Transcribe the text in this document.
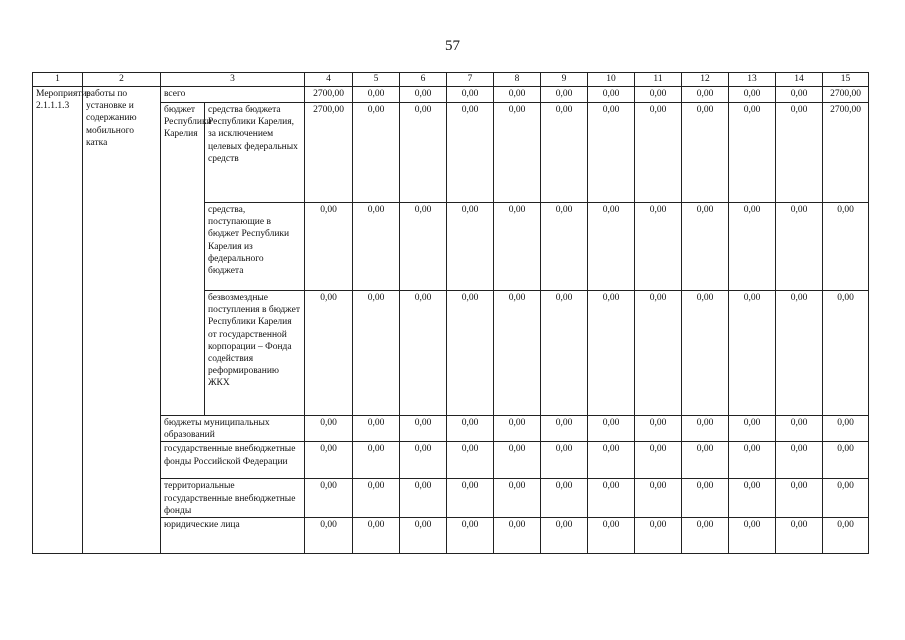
57
1	2	3		4	5	6	7	8	9	10	11	12	13	14	15
Мероприятие 2.1.1.1.3	работы по установке и содержанию мобильного катка	всего		2700,00	0,00	0,00	0,00	0,00	0,00	0,00	0,00	0,00	0,00	0,00	2700,00
		бюджет Республики Карелия	средства бюджета Республики Карелия, за исключением целевых федеральных средств	2700,00	0,00	0,00	0,00	0,00	0,00	0,00	0,00	0,00	0,00	0,00	2700,00
			средства, поступающие в бюджет Республики Карелия из федерального бюджета	0,00	0,00	0,00	0,00	0,00	0,00	0,00	0,00	0,00	0,00	0,00	0,00
			безвозмездные поступления в бюджет Республики Карелия от государственной корпорации – Фонда содействия реформированию ЖКХ	0,00	0,00	0,00	0,00	0,00	0,00	0,00	0,00	0,00	0,00	0,00	0,00
		бюджеты муниципальных образований		0,00	0,00	0,00	0,00	0,00	0,00	0,00	0,00	0,00	0,00	0,00	0,00
		государственные внебюджетные фонды Российской Федерации		0,00	0,00	0,00	0,00	0,00	0,00	0,00	0,00	0,00	0,00	0,00	0,00
		территориальные государственные внебюджетные фонды		0,00	0,00	0,00	0,00	0,00	0,00	0,00	0,00	0,00	0,00	0,00	0,00
		юридические лица		0,00	0,00	0,00	0,00	0,00	0,00	0,00	0,00	0,00	0,00	0,00	0,00
